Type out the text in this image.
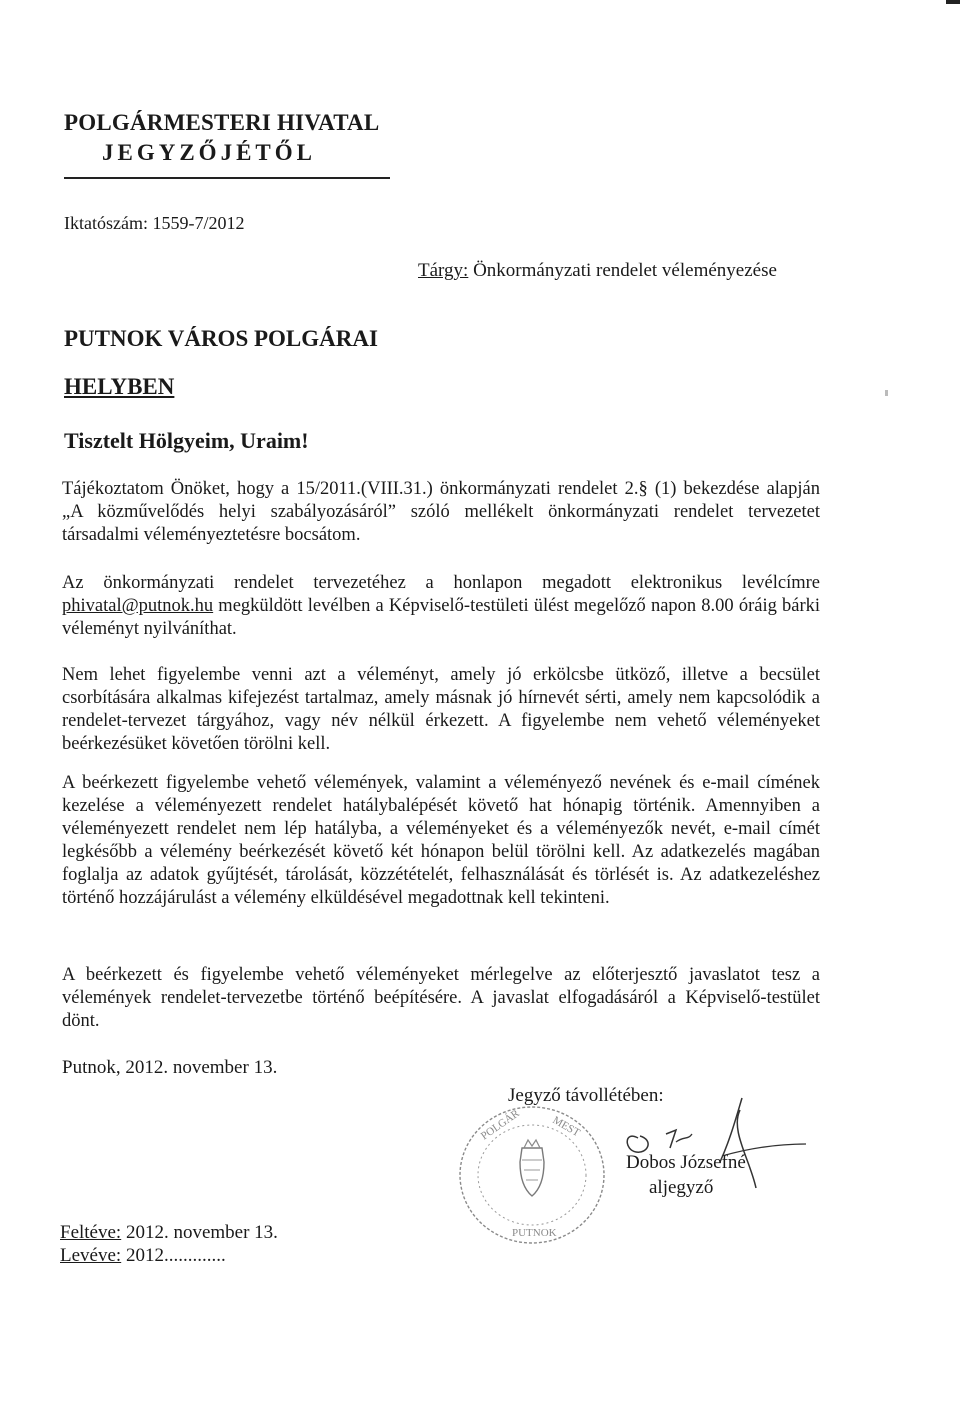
POLGÁRMESTERI HIVATAL
JEGYZŐJÉTŐL
Iktatószám: 1559-7/2012
Tárgy: Önkormányzati rendelet véleményezése
PUTNOK VÁROS POLGÁRAI
HELYBEN
Tisztelt Hölgyeim, Uraim!
Tájékoztatom Önöket, hogy a 15/2011.(VIII.31.) önkormányzati rendelet 2.§ (1) bekezdése alapján „A közművelődés helyi szabályozásáról” szóló mellékelt önkormányzati rendelet tervezetet társadalmi véleményeztetésre bocsátom.
Az önkormányzati rendelet tervezetéhez a honlapon megadott elektronikus levélcímre phivatal@putnok.hu megküldött levélben a Képviselő-testületi ülést megelőző napon 8.00 óráig bárki véleményt nyilváníthat.
Nem lehet figyelembe venni azt a véleményt, amely jó erkölcsbe ütköző, illetve a becsület csorbítására alkalmas kifejezést tartalmaz, amely másnak jó hírnevét sérti, amely nem kapcsolódik a rendelet-tervezet tárgyához, vagy név nélkül érkezett. A figyelembe nem vehető véleményeket beérkezésüket követően törölni kell.
A beérkezett figyelembe vehető vélemények, valamint a véleményező nevének és e-mail címének kezelése a véleményezett rendelet hatálybalépését követő hat hónapig történik. Amennyiben a véleményezett rendelet nem lép hatályba, a véleményeket és a véleményezők nevét, e-mail címét legkésőbb a vélemény beérkezését követő két hónapon belül törölni kell. Az adatkezelés magában foglalja az adatok gyűjtését, tárolását, közzétételét, felhasználását és törlését is. Az adatkezeléshez történő hozzájárulást a vélemény elküldésével megadottnak kell tekinteni.
A beérkezett és figyelembe vehető véleményeket mérlegelve az előterjesztő javaslatot tesz a vélemények rendelet-tervezetbe történő beépítésére. A javaslat elfogadásáról a Képviselő-testület dönt.
Putnok, 2012. november 13.
Jegyző távollétében:
POLGÁR	MEST
PUTNOK
Dobos Józsefné
aljegyző
Feltéve: 2012. november 13.
Levéve: 2012.............
